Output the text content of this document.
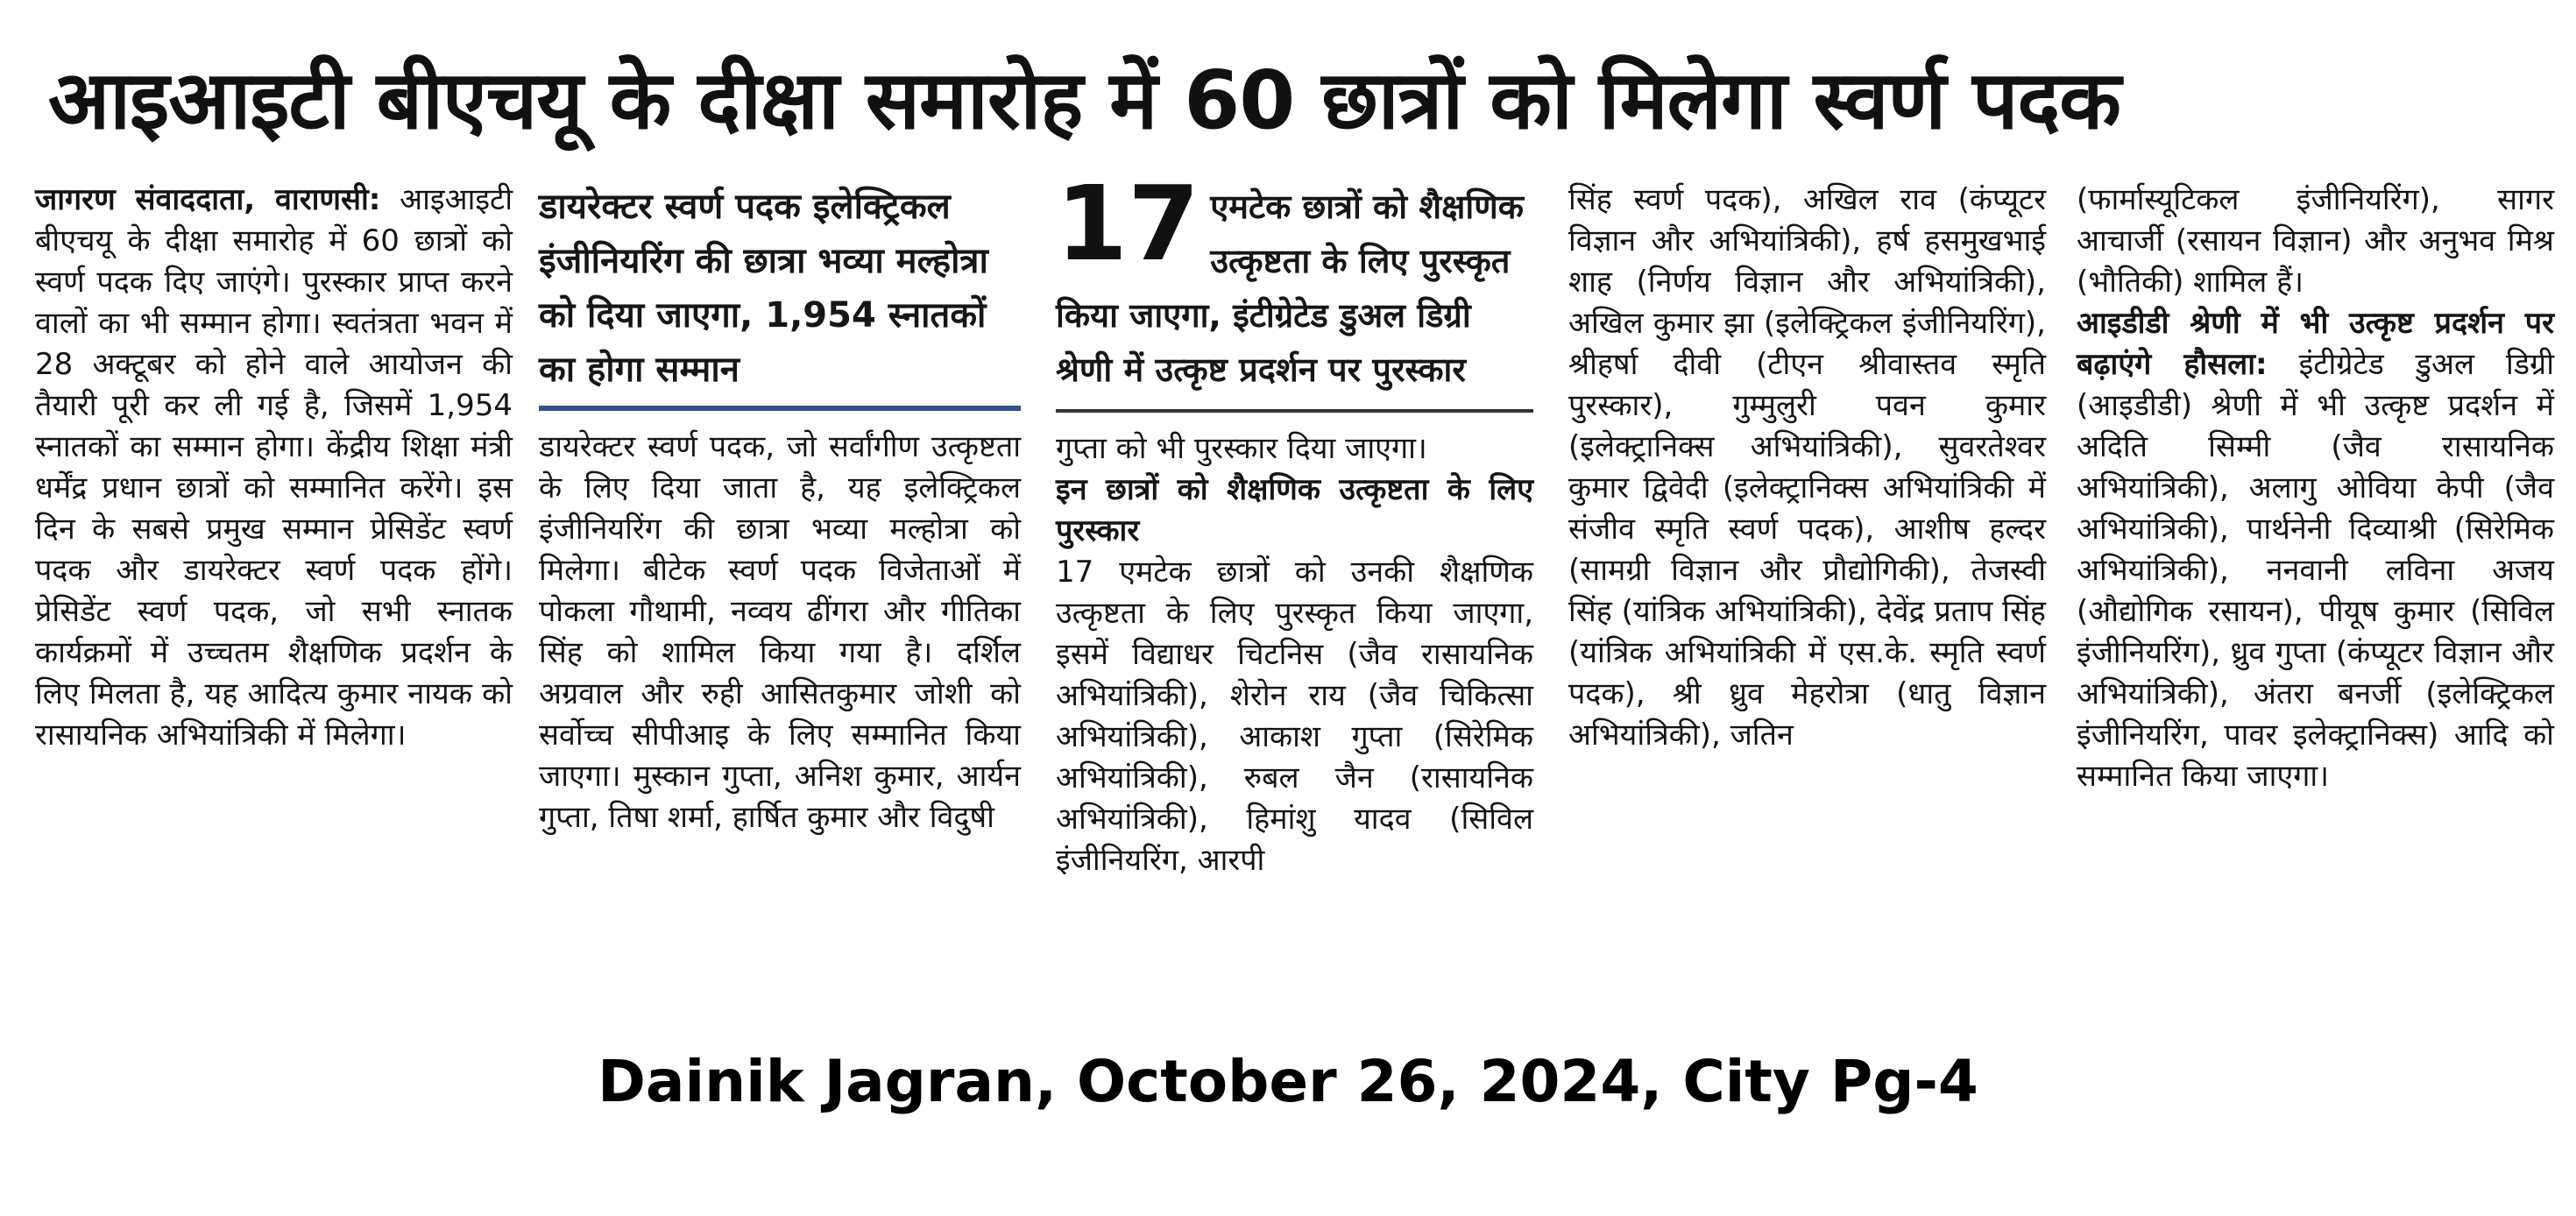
आइआइटी बीएचयू के दीक्षा समारोह में 60 छात्रों को मिलेगा स्वर्ण पदक

जागरण संवाददाता, वाराणसी: आइआइटी बीएचयू के दीक्षा समारोह में 60 छात्रों को स्वर्ण पदक दिए जाएंगे। पुरस्कार प्राप्त करने वालों का भी सम्मान होगा। स्वतंत्रता भवन में 28 अक्टूबर को होने वाले आयोजन की तैयारी पूरी कर ली गई है, जिसमें 1,954 स्नातकों का सम्मान होगा। केंद्रीय शिक्षा मंत्री धर्मेंद्र प्रधान छात्रों को सम्मानित करेंगे। इस दिन के सबसे प्रमुख सम्मान प्रेसिडेंट स्वर्ण पदक और डायरेक्टर स्वर्ण पदक होंगे। प्रेसिडेंट स्वर्ण पदक, जो सभी स्नातक कार्यक्रमों में उच्चतम शैक्षणिक प्रदर्शन के लिए मिलता है, यह आदित्य कुमार नायक को रासायनिक अभियांत्रिकी में मिलेगा।

डायरेक्टर स्वर्ण पदक इलेक्ट्रिकल इंजीनियरिंग की छात्रा भव्या मल्होत्रा को दिया जाएगा, 1,954 स्नातकों का होगा सम्मान

डायरेक्टर स्वर्ण पदक, जो सर्वांगीण उत्कृष्टता के लिए दिया जाता है, यह इलेक्ट्रिकल इंजीनियरिंग की छात्रा भव्या मल्होत्रा को मिलेगा। बीटेक स्वर्ण पदक विजेताओं में पोकला गौथामी, नव्वय ढींगरा और गीतिका सिंह को शामिल किया गया है। दर्शिल अग्रवाल और रुही आसितकुमार जोशी को सर्वोच्च सीपीआइ के लिए सम्मानित किया जाएगा। मुस्कान गुप्ता, अनिश कुमार, आर्यन गुप्ता, तिषा शर्मा, हार्षित कुमार और विदुषी

17 एमटेक छात्रों को शैक्षणिक उत्कृष्टता के लिए पुरस्कृत किया जाएगा, इंटीग्रेटेड डुअल डिग्री श्रेणी में उत्कृष्ट प्रदर्शन पर पुरस्कार

गुप्ता को भी पुरस्कार दिया जाएगा।

इन छात्रों को शैक्षणिक उत्कृष्टता के लिए पुरस्कार

17 एमटेक छात्रों को उनकी शैक्षणिक उत्कृष्टता के लिए पुरस्कृत किया जाएगा, इसमें विद्याधर चिटनिस (जैव रासायनिक अभियांत्रिकी), शेरोन राय (जैव चिकित्सा अभियांत्रिकी), आकाश गुप्ता (सिरेमिक अभियांत्रिकी), रुबल जैन (रासायनिक अभियांत्रिकी), हिमांशु यादव (सिविल इंजीनियरिंग, आरपी

सिंह स्वर्ण पदक), अखिल राव (कंप्यूटर विज्ञान और अभियांत्रिकी), हर्ष हसमुखभाई शाह (निर्णय विज्ञान और अभियांत्रिकी), अखिल कुमार झा (इलेक्ट्रिकल इंजीनियरिंग), श्रीहर्षा दीवी (टीएन श्रीवास्तव स्मृति पुरस्कार), गुम्मुलुरी पवन कुमार (इलेक्ट्रानिक्स अभियांत्रिकी), सुवरतेश्वर कुमार द्विवेदी (इलेक्ट्रानिक्स अभियांत्रिकी में संजीव स्मृति स्वर्ण पदक), आशीष हल्दर (सामग्री विज्ञान और प्रौद्योगिकी), तेजस्वी सिंह (यांत्रिक अभियांत्रिकी), देवेंद्र प्रताप सिंह (यांत्रिक अभियांत्रिकी में एस.के. स्मृति स्वर्ण पदक), श्री ध्रुव मेहरोत्रा (धातु विज्ञान अभियांत्रिकी), जतिन

(फार्मास्यूटिकल इंजीनियरिंग), सागर आचार्जी (रसायन विज्ञान) और अनुभव मिश्र (भौतिकी) शामिल हैं।

आइडीडी श्रेणी में भी उत्कृष्ट प्रदर्शन पर बढ़ाएंगे हौसला: इंटीग्रेटेड डुअल डिग्री (आइडीडी) श्रेणी में भी उत्कृष्ट प्रदर्शन में अदिति सिम्मी (जैव रासायनिक अभियांत्रिकी), अलागु ओविया केपी (जैव अभियांत्रिकी), पार्थनेनी दिव्याश्री (सिरेमिक अभियांत्रिकी), ननवानी लविना अजय (औद्योगिक रसायन), पीयूष कुमार (सिविल इंजीनियरिंग), ध्रुव गुप्ता (कंप्यूटर विज्ञान और अभियांत्रिकी), अंतरा बनर्जी (इलेक्ट्रिकल इंजीनियरिंग, पावर इलेक्ट्रानिक्स) आदि को सम्मानित किया जाएगा।

Dainik Jagran, October 26, 2024, City Pg-4
